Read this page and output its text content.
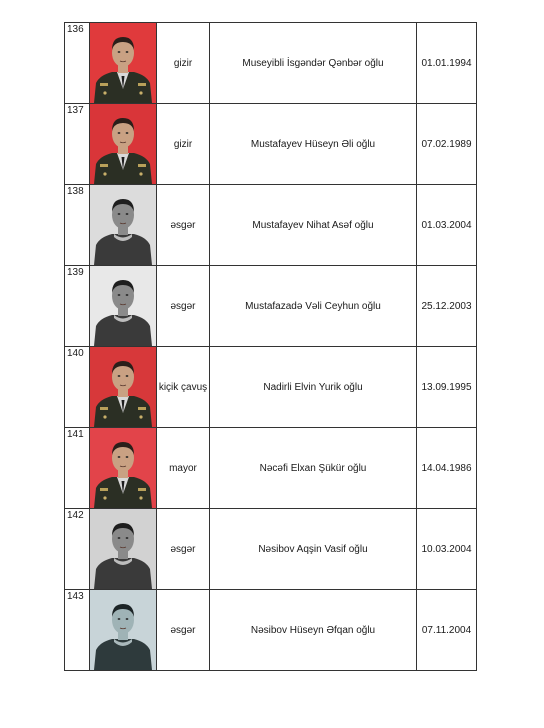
136		gizir	Museyibli İsgəndər Qənbər oğlu	01.01.1994

137		gizir	Mustafayev Hüseyn Əli oğlu	07.02.1989

138		əsgər	Mustafayev Nihat Asəf oğlu	01.03.2004

139		əsgər	Mustafazadə Vəli Ceyhun oğlu	25.12.2003

140		kiçik çavuş	Nadirli Elvin Yurik oğlu	13.09.1995

141		mayor	Nəcəfi Elxan Şükür oğlu	14.04.1986

142		əsgər	Nəsibov Aqşin Vasif oğlu	10.03.2004

143		əsgər	Nəsibov Hüseyn Əfqan oğlu	07.11.2004
